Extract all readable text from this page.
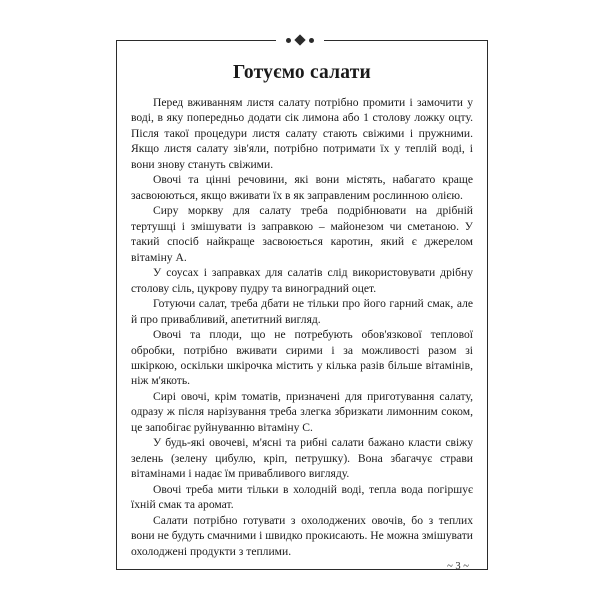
Готуємо салати

Перед вживанням листя салату потрібно промити і замочити у воді, в яку попередньо додати сік лимона або 1 столову ложку оцту. Після такої процедури листя салату стають свіжими і пружними. Якщо листя салату зів'яли, потрібно потримати їх у теплій воді, і вони знову стануть свіжими.

Овочі та цінні речовини, які вони містять, набагато краще засвоюються, якщо вживати їх в як заправленим рослинною олією.

Сиру моркву для салату треба подрібнювати на дрібній тертушці і змішувати із заправкою – майонезом чи сметаною. У такий спосіб найкраще засвоюється каротин, який є джерелом вітаміну А.

У соусах і заправках для салатів слід використовувати дрібну столову сіль, цукрову пудру та виноградний оцет.

Готуючи салат, треба дбати не тільки про його гарний смак, але й про привабливий, апетитний вигляд.

Овочі та плоди, що не потребують обов'язкової теплової обробки, потрібно вживати сирими і за можливості разом зі шкіркою, оскільки шкірочка містить у кілька разів більше вітамінів, ніж м'якоть.

Сирі овочі, крім томатів, призначені для приготування салату, одразу ж після нарізування треба злегка збризкати лимонним соком, це запобігає руйнуванню вітаміну С.

У будь-які овочеві, м'ясні та рибні салати бажано класти свіжу зелень (зелену цибулю, кріп, петрушку). Вона збагачує страви вітамінами і надає їм привабливого вигляду.

Овочі треба мити тільки в холодній воді, тепла вода погіршує їхній смак та аромат.

Салати потрібно готувати з охолоджених овочів, бо з теплих вони не будуть смачними і швидко прокисають. Не можна змішувати охолоджені продукти з теплими.

~ 3 ~
